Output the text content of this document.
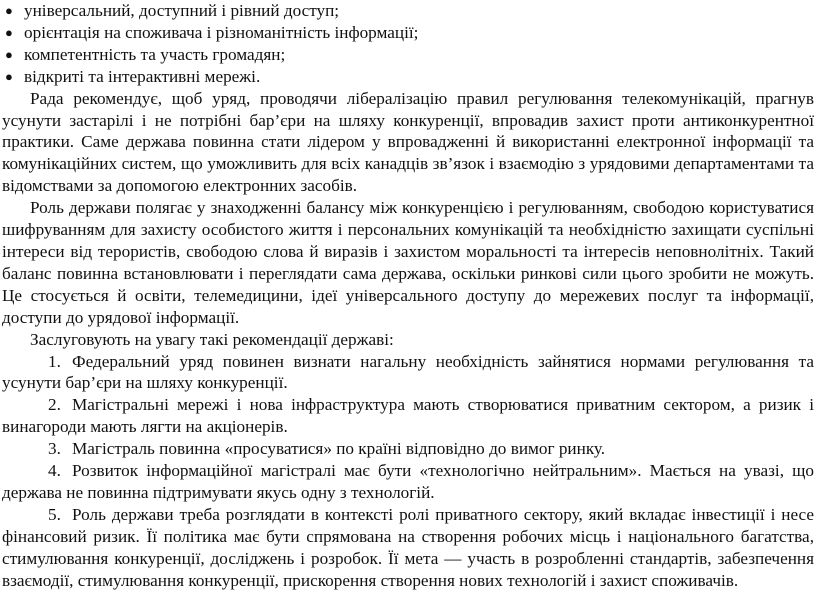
● універсальний, доступний і рівний доступ;
● орієнтація на споживача і різноманітність інформації;
● компетентність та участь громадян;
● відкриті та інтерактивні мережі.

Рада рекомендує, щоб уряд, проводячи лібералізацію правил регулювання телекомунікацій, прагнув усунути застарілі і не потрібні бар’єри на шляху конкуренції, впровадив захист проти антиконкурентної практики. Саме держава повинна стати лідером у впровадженні й використанні електронної інформації та комунікаційних систем, що уможливить для всіх канадців зв’язок і взаємодію з урядовими департаментами та відомствами за допомогою електронних засобів.

Роль держави полягає у знаходженні балансу між конкуренцією і регулюванням, свободою користуватися шифруванням для захисту особистого життя і персональних комунікацій та необхідністю захищати суспільні інтереси від терористів, свободою слова й виразів і захистом моральності та інтересів неповнолітніх. Такий баланс повинна встановлювати і переглядати сама держава, оскільки ринкові сили цього зробити не можуть. Це стосується й освіти, телемедицини, ідеї універсального доступу до мережевих послуг та інформації, доступи до урядової інформації.

Заслуговують на увагу такі рекомендації державі:

1. Федеральний уряд повинен визнати нагальну необхідність зайнятися нормами регулювання та усунути бар’єри на шляху конкуренції.
2. Магістральні мережі і нова інфраструктура мають створюватися приватним сектором, а ризик і винагороди мають лягти на акціонерів.
3. Магістраль повинна «просуватися» по країні відповідно до вимог ринку.
4. Розвиток інформаційної магістралі має бути «технологічно нейтральним». Мається на увазі, що держава не повинна підтримувати якусь одну з технологій.
5. Роль держави треба розглядати в контексті ролі приватного сектору, який вкладає інвестиції і несе фінансовий ризик. Її політика має бути спрямована на створення робочих місць і національного багатства, стимулювання конкуренції, досліджень і розробок. Її мета — участь в розробленні стандартів, забезпечення взаємодії, стимулювання конкуренції, прискорення створення нових технологій і захист споживачів.
